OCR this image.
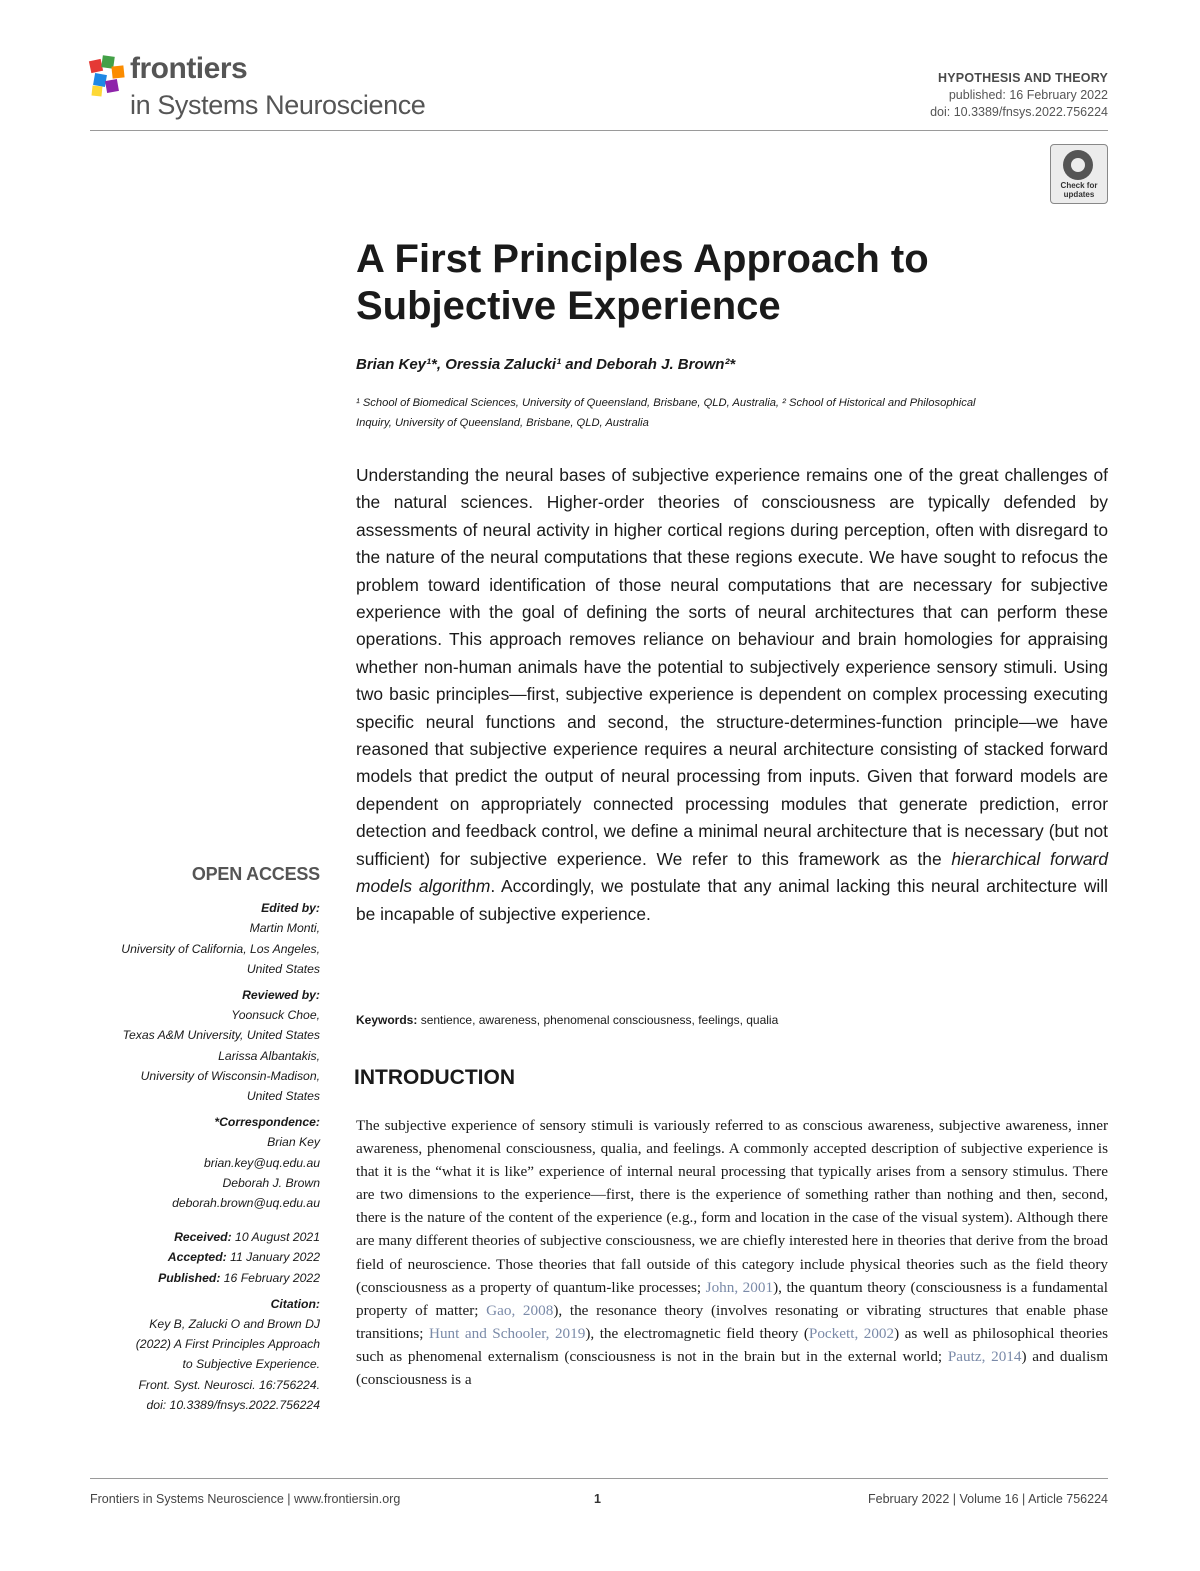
frontiers
in Systems Neuroscience
HYPOTHESIS AND THEORY
published: 16 February 2022
doi: 10.3389/fnsys.2022.756224
Check for updates
A First Principles Approach to
Subjective Experience
Brian Key¹*, Oressia Zalucki¹ and Deborah J. Brown²*
¹ School of Biomedical Sciences, University of Queensland, Brisbane, QLD, Australia, ² School of Historical and Philosophical
Inquiry, University of Queensland, Brisbane, QLD, Australia
Understanding the neural bases of subjective experience remains one of the great challenges of the natural sciences. Higher-order theories of consciousness are typically defended by assessments of neural activity in higher cortical regions during perception, often with disregard to the nature of the neural computations that these regions execute. We have sought to refocus the problem toward identification of those neural computations that are necessary for subjective experience with the goal of defining the sorts of neural architectures that can perform these operations. This approach removes reliance on behaviour and brain homologies for appraising whether non-human animals have the potential to subjectively experience sensory stimuli. Using two basic principles—first, subjective experience is dependent on complex processing executing specific neural functions and second, the structure-determines-function principle—we have reasoned that subjective experience requires a neural architecture consisting of stacked forward models that predict the output of neural processing from inputs. Given that forward models are dependent on appropriately connected processing modules that generate prediction, error detection and feedback control, we define a minimal neural architecture that is necessary (but not sufficient) for subjective experience. We refer to this framework as the hierarchical forward models algorithm. Accordingly, we postulate that any animal lacking this neural architecture will be incapable of subjective experience.
Keywords: sentience, awareness, phenomenal consciousness, feelings, qualia
INTRODUCTION
The subjective experience of sensory stimuli is variously referred to as conscious awareness, subjective awareness, inner awareness, phenomenal consciousness, qualia, and feelings. A commonly accepted description of subjective experience is that it is the “what it is like” experience of internal neural processing that typically arises from a sensory stimulus. There are two dimensions to the experience—first, there is the experience of something rather than nothing and then, second, there is the nature of the content of the experience (e.g., form and location in the case of the visual system). Although there are many different theories of subjective consciousness, we are chiefly interested here in theories that derive from the broad field of neuroscience. Those theories that fall outside of this category include physical theories such as the field theory (consciousness as a property of quantum-like processes; John, 2001), the quantum theory (consciousness is a fundamental property of matter; Gao, 2008), the resonance theory (involves resonating or vibrating structures that enable phase transitions; Hunt and Schooler, 2019), the electromagnetic field theory (Pockett, 2002) as well as philosophical theories such as phenomenal externalism (consciousness is not in the brain but in the external world; Pautz, 2014) and dualism (consciousness is a
OPEN ACCESS
Edited by:
Martin Monti,
University of California, Los Angeles,
United States
Reviewed by:
Yoonsuck Choe,
Texas A&M University, United States
Larissa Albantakis,
University of Wisconsin-Madison,
United States
*Correspondence:
Brian Key
brian.key@uq.edu.au
Deborah J. Brown
deborah.brown@uq.edu.au
Received: 10 August 2021
Accepted: 11 January 2022
Published: 16 February 2022
Citation:
Key B, Zalucki O and Brown DJ
(2022) A First Principles Approach
to Subjective Experience.
Front. Syst. Neurosci. 16:756224.
doi: 10.3389/fnsys.2022.756224
Frontiers in Systems Neuroscience | www.frontiersin.org	1	February 2022 | Volume 16 | Article 756224
